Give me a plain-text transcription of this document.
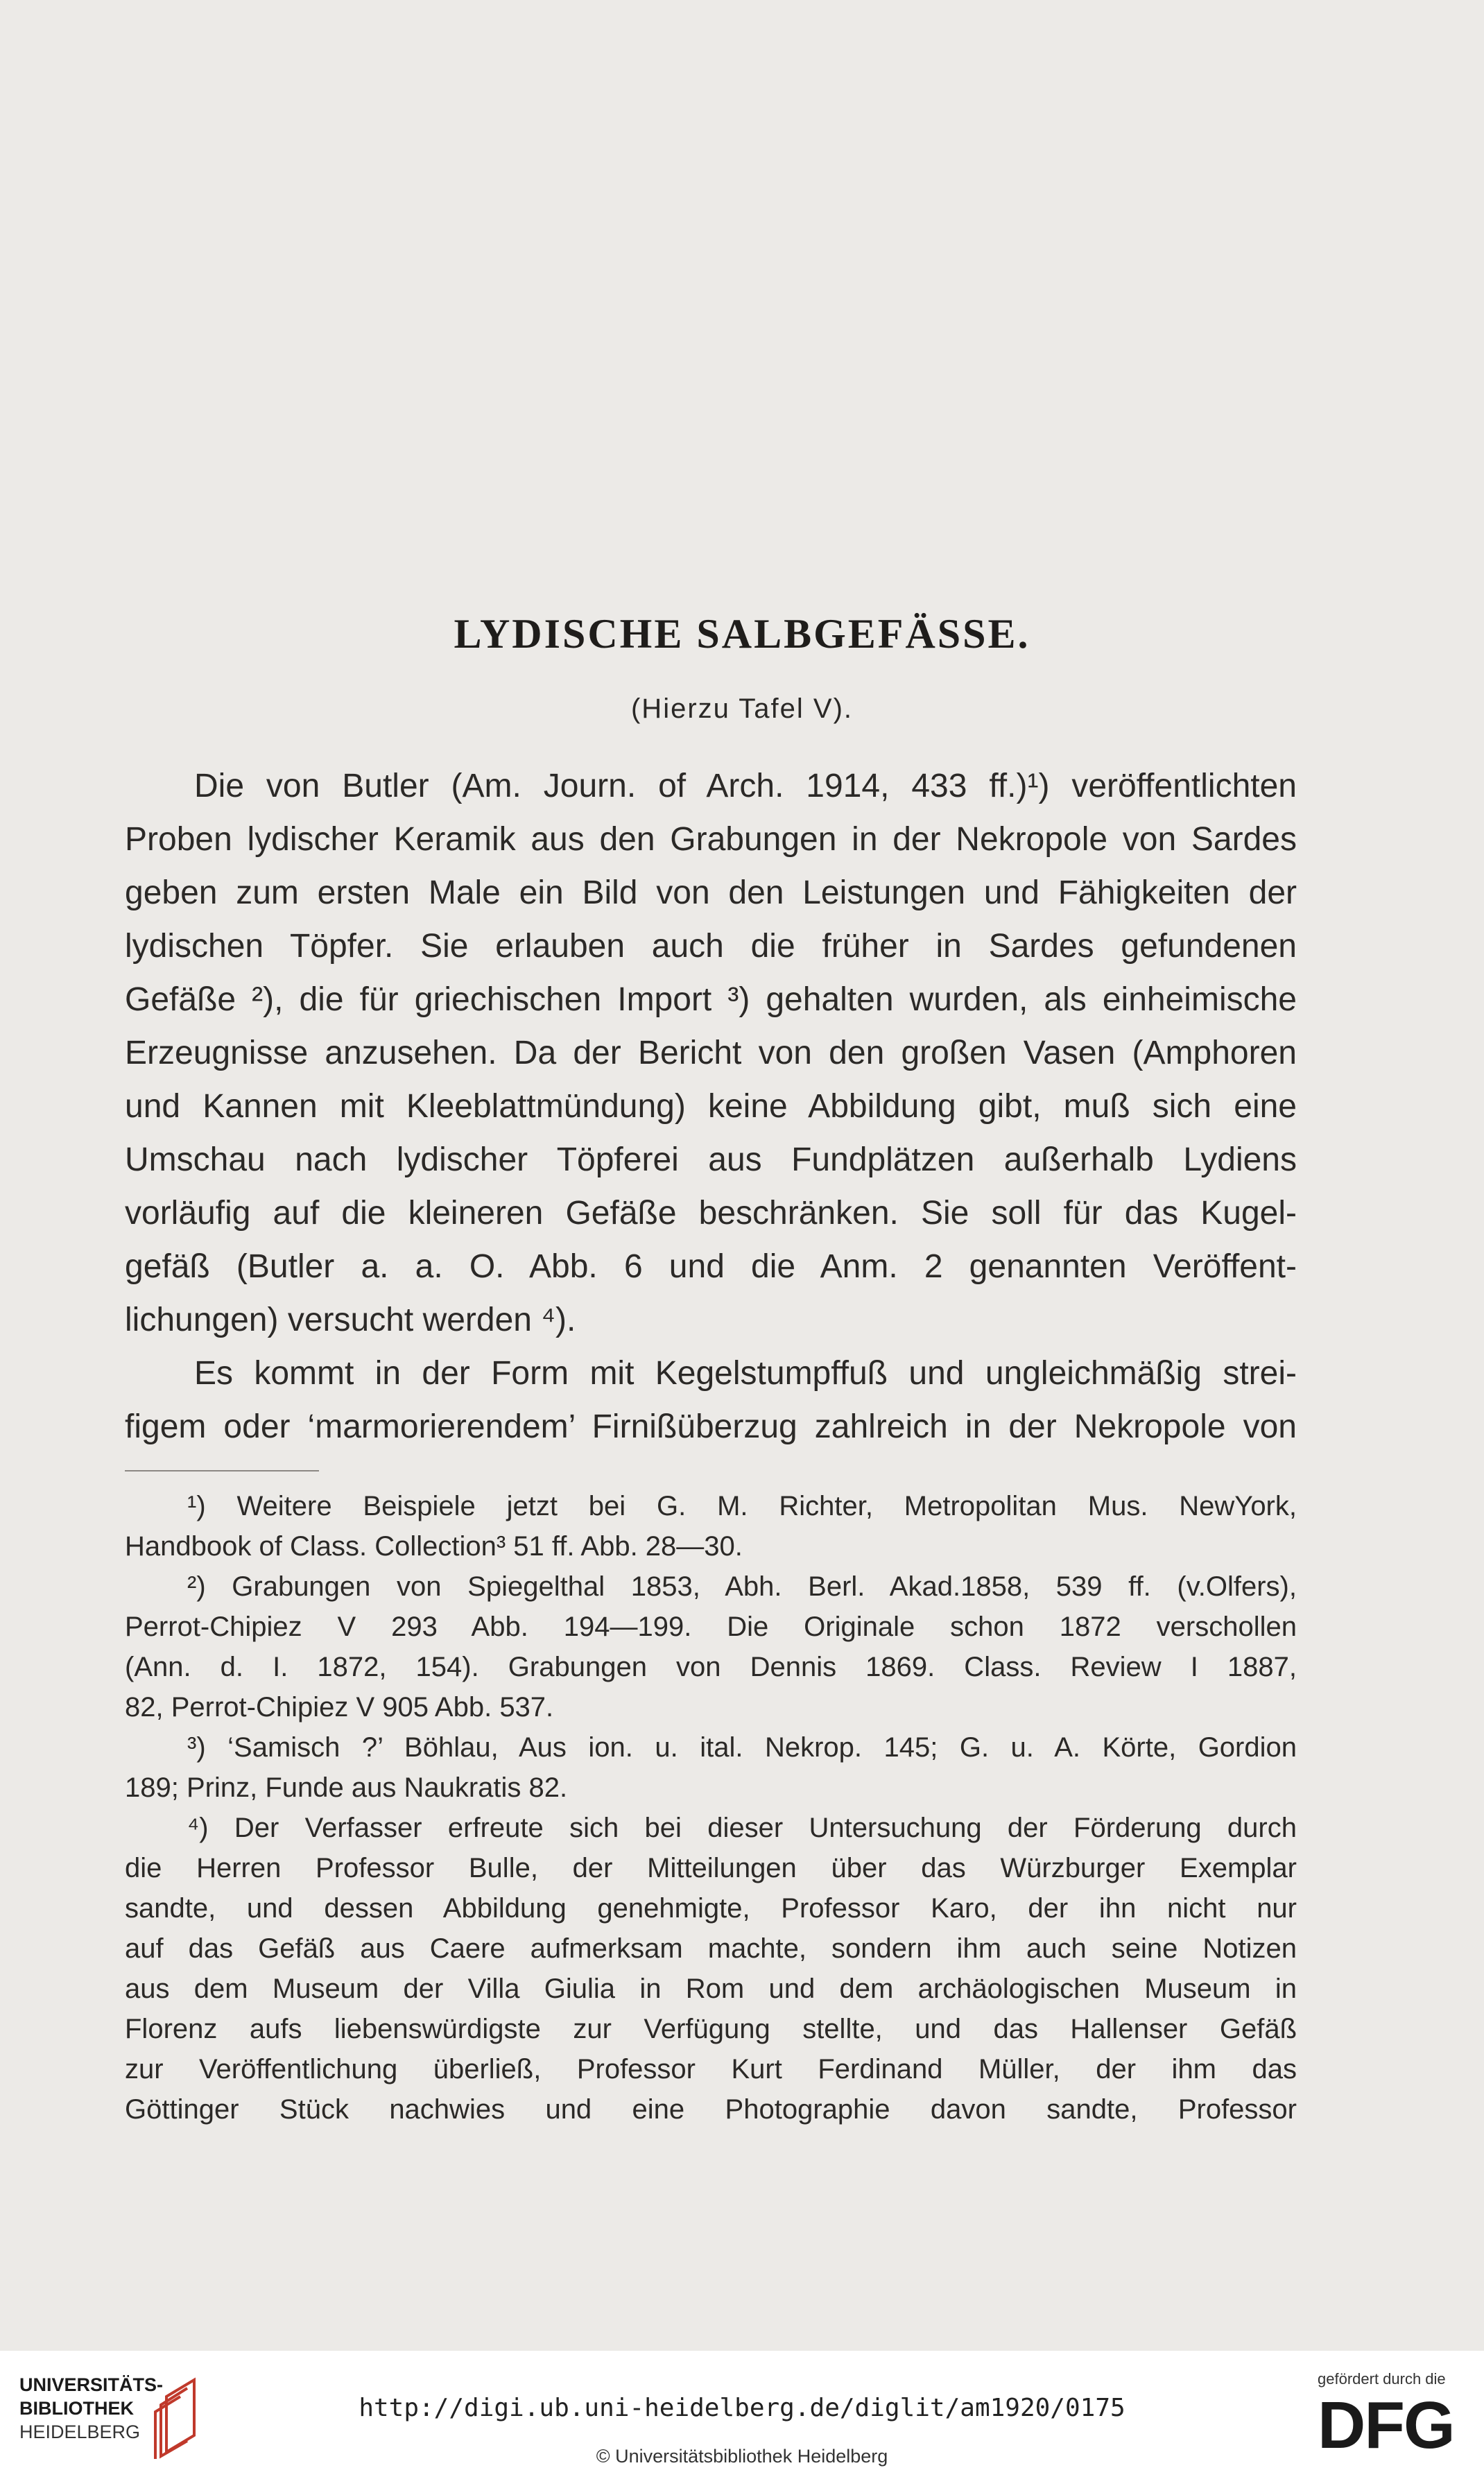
LYDISCHE SALBGEFÄSSE.
(Hierzu Tafel V).
Die von Butler (Am. Journ. of Arch. 1914, 433 ff.)¹) veröffentlichten
Proben lydischer Keramik aus den Grabungen in der Nekropole von Sardes
geben zum ersten Male ein Bild von den Leistungen und Fähigkeiten der
lydischen Töpfer. Sie erlauben auch die früher in Sardes gefundenen
Gefäße ²), die für griechischen Import ³) gehalten wurden, als einheimische
Erzeugnisse anzusehen. Da der Bericht von den großen Vasen (Amphoren
und Kannen mit Kleeblattmündung) keine Abbildung gibt, muß sich eine
Umschau nach lydischer Töpferei aus Fundplätzen außerhalb Lydiens
vorläufig auf die kleineren Gefäße beschränken. Sie soll für das Kugel-
gefäß (Butler a. a. O. Abb. 6 und die Anm. 2 genannten Veröffent-
lichungen) versucht werden ⁴).
Es kommt in der Form mit Kegelstumpffuß und ungleichmäßig strei-
figem oder ‘marmorierendem’ Firnißüberzug zahlreich in der Nekropole von
¹) Weitere Beispiele jetzt bei G. M. Richter, Metropolitan Mus. NewYork,
Handbook of Class. Collection³ 51 ff. Abb. 28—30.
²) Grabungen von Spiegelthal 1853, Abh. Berl. Akad.1858, 539 ff. (v.Olfers),
Perrot-Chipiez V 293 Abb. 194—199. Die Originale schon 1872 verschollen
(Ann. d. I. 1872, 154). Grabungen von Dennis 1869. Class. Review I 1887,
82, Perrot-Chipiez V 905 Abb. 537.
³) ‘Samisch ?’ Böhlau, Aus ion. u. ital. Nekrop. 145; G. u. A. Körte, Gordion
189; Prinz, Funde aus Naukratis 82.
⁴) Der Verfasser erfreute sich bei dieser Untersuchung der Förderung durch
die Herren Professor Bulle, der Mitteilungen über das Würzburger Exemplar
sandte, und dessen Abbildung genehmigte, Professor Karo, der ihn nicht nur
auf das Gefäß aus Caere aufmerksam machte, sondern ihm auch seine Notizen
aus dem Museum der Villa Giulia in Rom und dem archäologischen Museum in
Florenz aufs liebenswürdigste zur Verfügung stellte, und das Hallenser Gefäß
zur Veröffentlichung überließ, Professor Kurt Ferdinand Müller, der ihm das
Göttinger Stück nachwies und eine Photographie davon sandte, Professor
UNIVERSITÄTS-
BIBLIOTHEK
HEIDELBERG
http://digi.ub.uni-heidelberg.de/diglit/am1920/0175
© Universitätsbibliothek Heidelberg
gefördert durch die
DFG
